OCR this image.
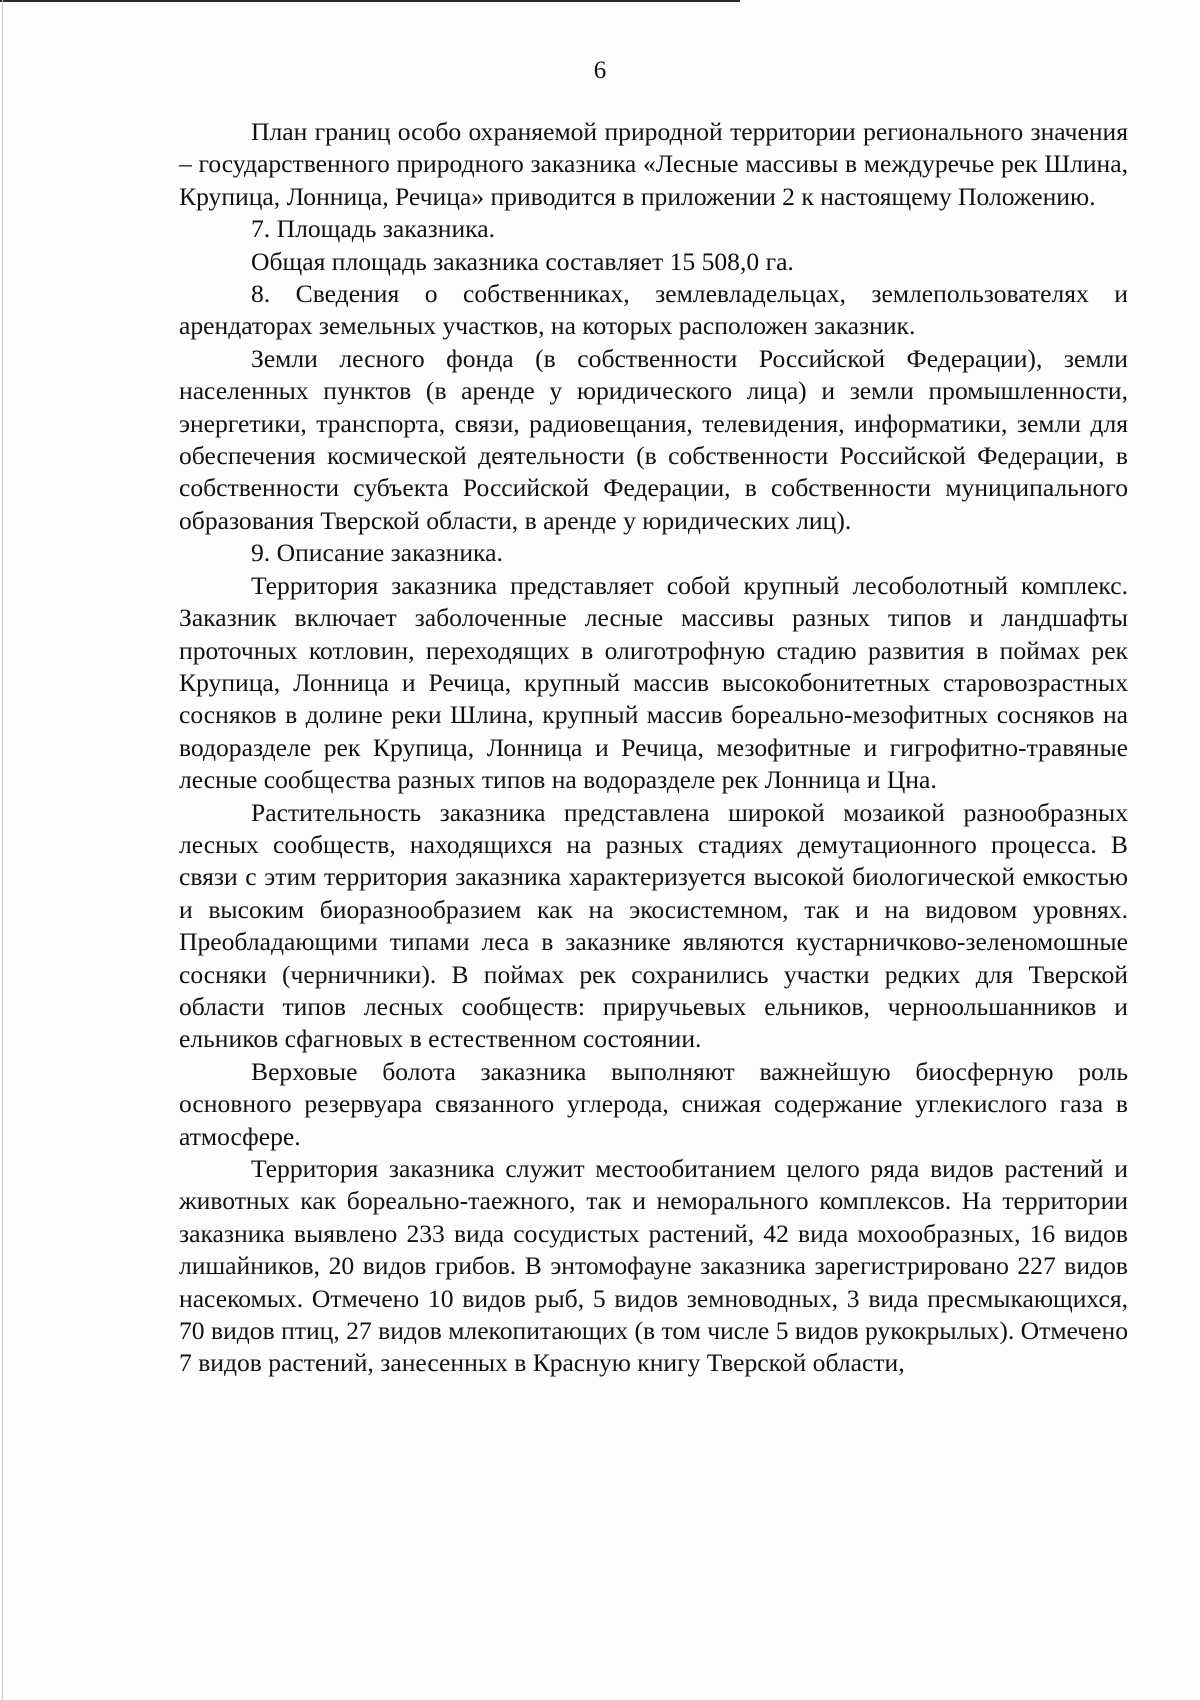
6

План границ особо охраняемой природной территории регионального значения – государственного природного заказника «Лесные массивы в междуречье рек Шлина, Крупица, Лонница, Речица» приводится в приложении 2 к настоящему Положению.

7. Площадь заказника.

Общая площадь заказника составляет 15 508,0 га.

8. Сведения о собственниках, землевладельцах, землепользователях и арендаторах земельных участков, на которых расположен заказник.

Земли лесного фонда (в собственности Российской Федерации), земли населенных пунктов (в аренде у юридического лица) и земли промышленности, энергетики, транспорта, связи, радиовещания, телевидения, информатики, земли для обеспечения космической деятельности (в собственности Российской Федерации, в собственности субъекта Российской Федерации, в собственности муниципального образования Тверской области, в аренде у юридических лиц).

9. Описание заказника.

Территория заказника представляет собой крупный лесоболотный комплекс. Заказник включает заболоченные лесные массивы разных типов и ландшафты проточных котловин, переходящих в олиготрофную стадию развития в поймах рек Крупица, Лонница и Речица, крупный массив высокобонитетных старовозрастных сосняков в долине реки Шлина, крупный массив бореально-мезофитных сосняков на водоразделе рек Крупица, Лонница и Речица, мезофитные и гигрофитно-травяные лесные сообщества разных типов на водоразделе рек Лонница и Цна.

Растительность заказника представлена широкой мозаикой разнообразных лесных сообществ, находящихся на разных стадиях демутационного процесса. В связи с этим территория заказника характеризуется высокой биологической емкостью и высоким биоразнообразием как на экосистемном, так и на видовом уровнях. Преобладающими типами леса в заказнике являются кустарничково-зеленомошные сосняки (черничники). В поймах рек сохранились участки редких для Тверской области типов лесных сообществ: приручьевых ельников, черноольшанников и ельников сфагновых в естественном состоянии.

Верховые болота заказника выполняют важнейшую биосферную роль основного резервуара связанного углерода, снижая содержание углекислого газа в атмосфере.

Территория заказника служит местообитанием целого ряда видов растений и животных как бореально-таежного, так и неморального комплексов. На территории заказника выявлено 233 вида сосудистых растений, 42 вида мохообразных, 16 видов лишайников, 20 видов грибов. В энтомофауне заказника зарегистрировано 227 видов насекомых. Отмечено 10 видов рыб, 5 видов земноводных, 3 вида пресмыкающихся, 70 видов птиц, 27 видов млекопитающих (в том числе 5 видов рукокрылых). Отмечено 7 видов растений, занесенных в Красную книгу Тверской области,
